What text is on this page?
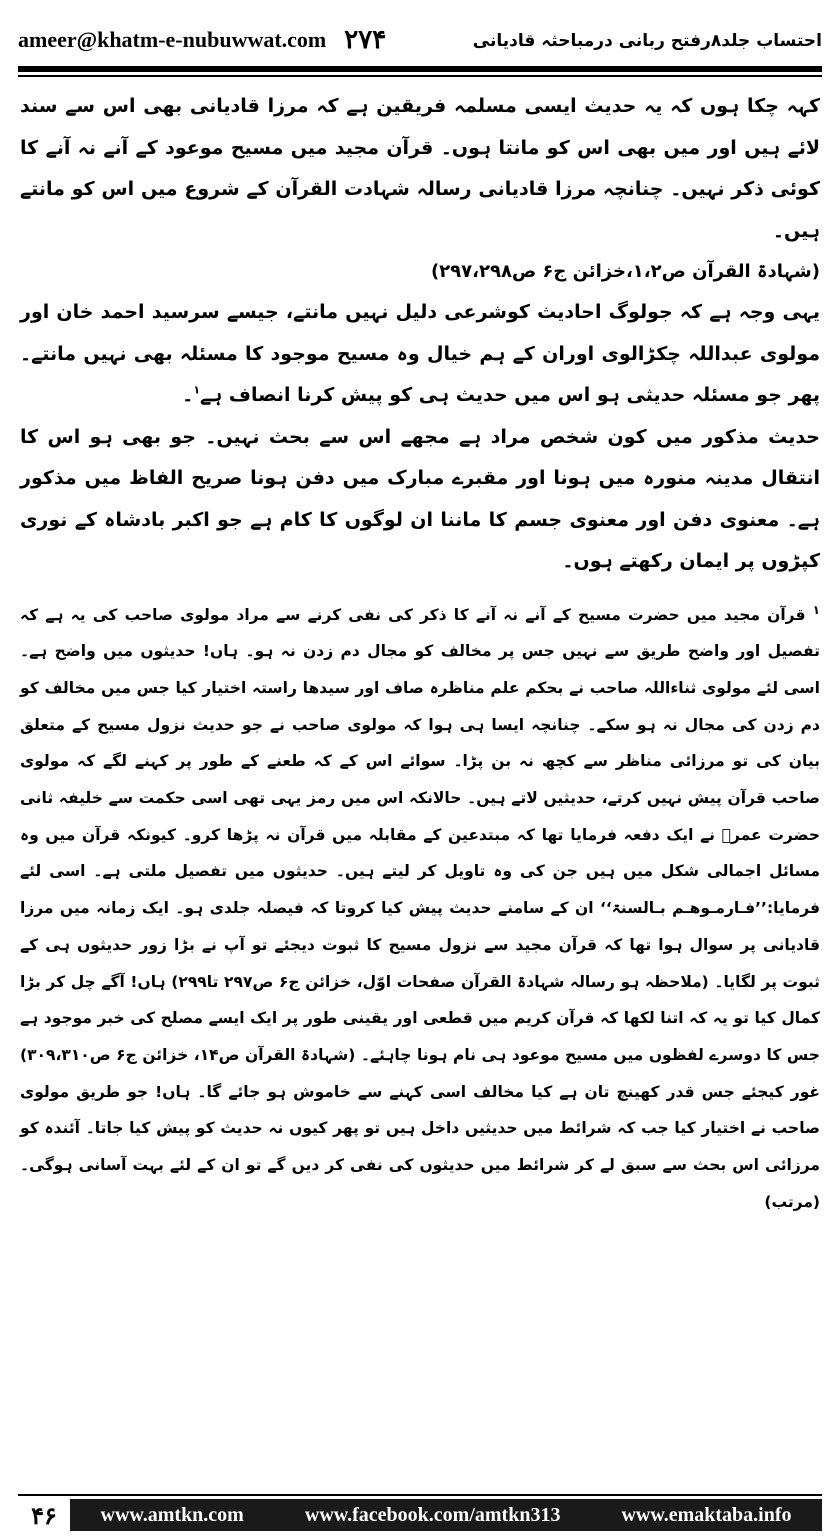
ameer@khatm-e-nubuwwat.com ۲۷۴	احتساب جلد۸رفتح ربانی درمباحثہ قادیانی

کہہ چکا ہوں کہ یہ حدیث ایسی مسلمہ فریقین ہے کہ مرزا قادیانی بھی اس سے سند لائے ہیں اور میں بھی اس کو مانتا ہوں۔ قرآن مجید میں مسیح موعود کے آنے نہ آنے کا کوئی ذکر نہیں۔ چنانچہ مرزا قادیانی رسالہ شہادت القرآن کے شروع میں اس کو مانتے ہیں۔

(شہادۃ القرآن ص۱،۲،خزائن ج۶ ص۲۹۷،۲۹۸)

یہی وجہ ہے کہ جولوگ احادیث کوشرعی دلیل نہیں مانتے، جیسے سرسید احمد خان اور مولوی عبداللہ چکڑالوی اوران کے ہم خیال وہ مسیح موجود کا مسئلہ بھی نہیں مانتے۔ پھر جو مسئلہ حدیثی ہو اس میں حدیث ہی کو پیش کرنا انصاف ہے$^۱$۔

حدیث مذکور میں کون شخص مراد ہے مجھے اس سے بحث نہیں۔ جو بھی ہو اس کا انتقال مدینہ منورہ میں ہونا اور مقبرے مبارک میں دفن ہونا صریح الفاظ میں مذکور ہے۔ معنوی دفن اور معنوی جسم کا ماننا ان لوگوں کا کام ہے جو اکبر بادشاہ کے نوری کپڑوں پر ایمان رکھتے ہوں۔

$^۱$ قرآن مجید میں حضرت مسیح کے آنے نہ آنے کا ذکر کی نفی کرنے سے مراد مولوی صاحب کی یہ ہے کہ تفصیل اور واضح طریق سے نہیں جس پر مخالف کو مجال دم زدن نہ ہو۔ ہاں! حدیثوں میں واضح ہے۔ اسی لئے مولوی ثناءاللہ صاحب نے بحکم علم مناظرہ صاف اور سیدھا راستہ اختیار کیا جس میں مخالف کو دم زدن کی مجال نہ ہو سکے۔ چنانچہ ایسا ہی ہوا کہ مولوی صاحب نے جو حدیث نزول مسیح کے متعلق بیان کی تو مرزائی مناظر سے کچھ نہ بن پڑا۔ سوائے اس کے کہ طعنے کے طور پر کہنے لگے کہ مولوی صاحب قرآن پیش نہیں کرتے، حدیثیں لاتے ہیں۔ حالانکہ اس میں رمز یہی تھی اسی حکمت سے خلیفہ ثانی حضرت عمرؓ نے ایک دفعہ فرمایا تھا کہ مبتدعین کے مقابلہ میں قرآن نہ پڑھا کرو۔ کیونکہ قرآن میں وہ مسائل اجمالی شکل میں ہیں جن کی وہ تاویل کر لیتے ہیں۔ حدیثوں میں تفصیل ملتی ہے۔ اسی لئے فرمایا:’’فـارمـوھـم بـالسنۃ‘‘ ان کے سامنے حدیث پیش کیا کروتا کہ فیصلہ جلدی ہو۔ ایک زمانہ میں مرزا قادیانی پر سوال ہوا تھا کہ قرآن مجید سے نزول مسیح کا ثبوت دیجئے تو آپ نے بڑا زور حدیثوں ہی کے ثبوت پر لگایا۔ (ملاحظہ ہو رسالہ شہادۃ القرآن صفحات اوّل، خزائن ج۶ ص۲۹۷ تا۲۹۹) ہاں! آگے چل کر بڑا کمال کیا تو یہ کہ اتنا لکھا کہ قرآن کریم میں قطعی اور یقینی طور پر ایک ایسے مصلح کی خبر موجود ہے جس کا دوسرے لفظوں میں مسیح موعود ہی نام ہونا چاہئے۔ (شہادۃ القرآن ص۱۴، خزائن ج۶ ص۳۰۹،۳۱۰) غور کیجئے جس قدر کھینچ تان ہے کیا مخالف اسی کہنے سے خاموش ہو جائے گا۔ ہاں! جو طریق مولوی صاحب نے اختیار کیا جب کہ شرائط میں حدیثیں داخل ہیں تو پھر کیوں نہ حدیث کو پیش کیا جاتا۔ آئندہ کو مرزائی اس بحث سے سبق لے کر شرائط میں حدیثوں کی نفی کر دیں گے تو ان کے لئے بہت آسانی ہوگی۔ (مرتب)

۴۶	www.amtkn.com	www.facebook.com/amtkn313	www.emaktaba.info
